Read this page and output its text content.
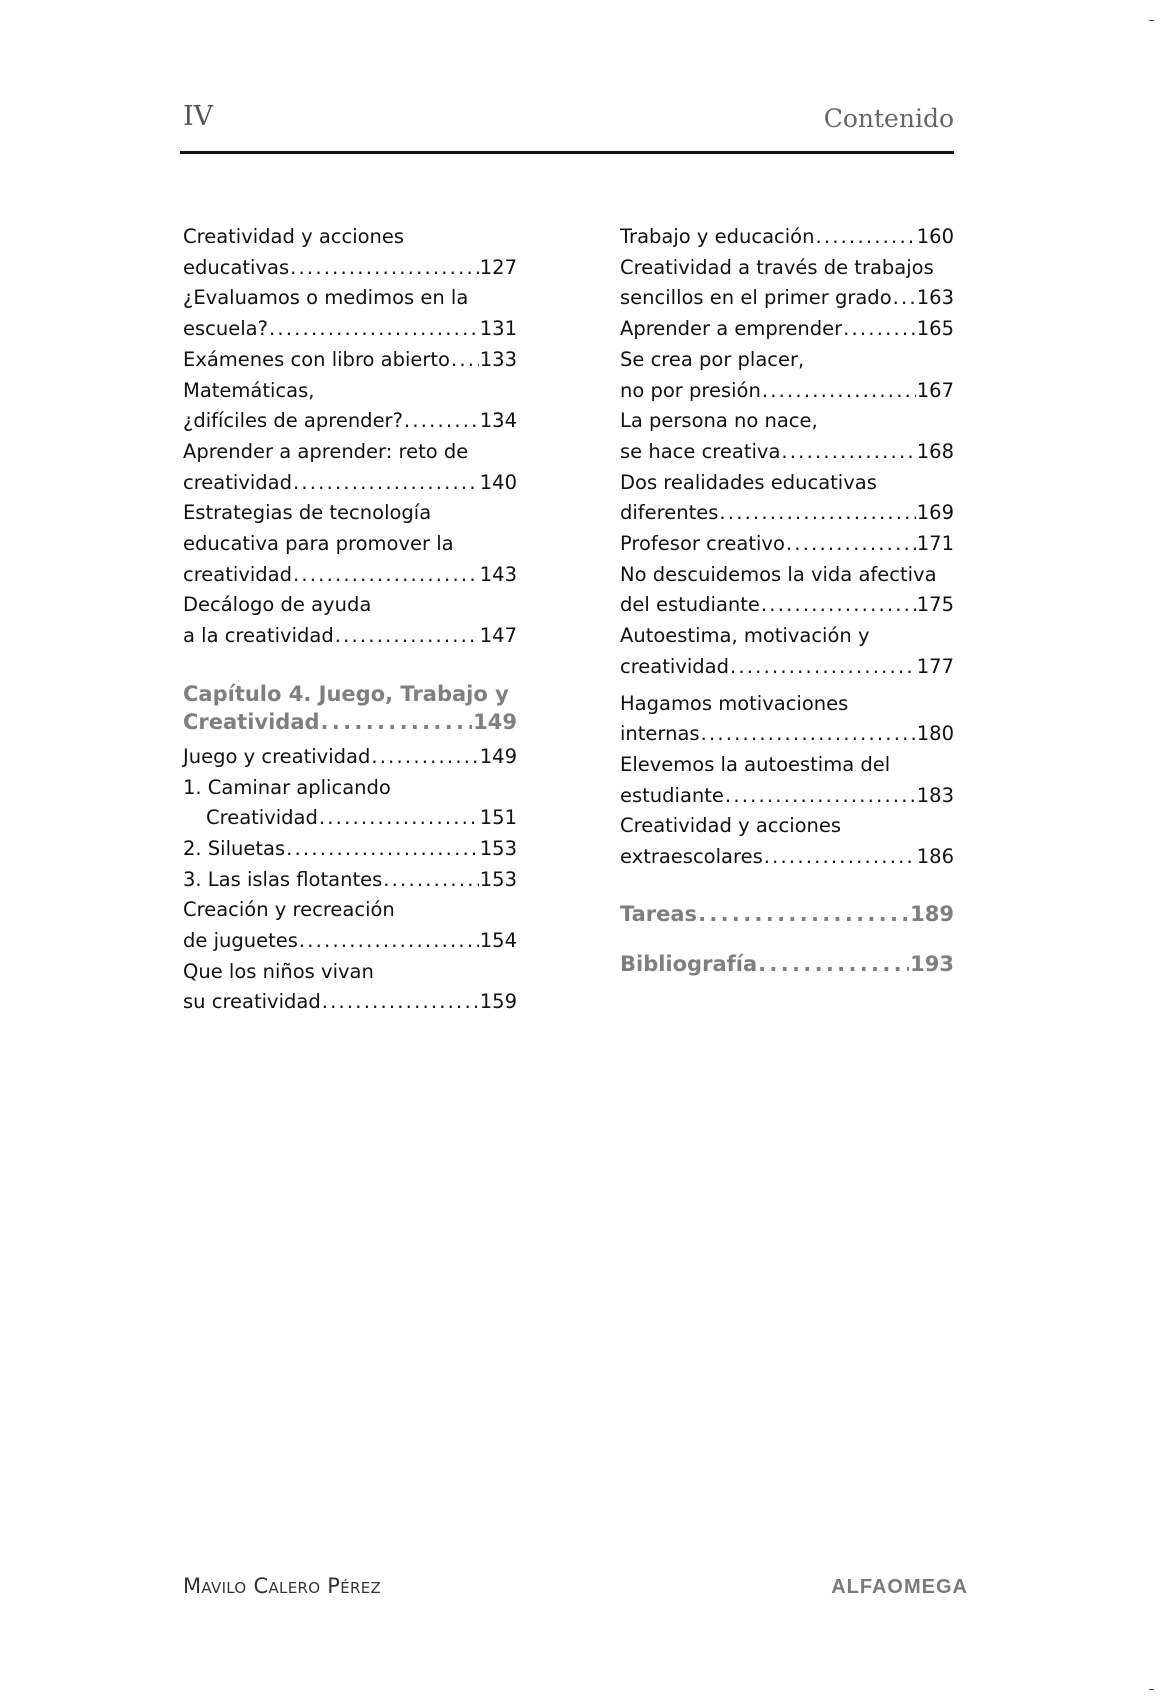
IV	Contenido
Creatividad y acciones
educativas . . .	127
¿Evaluamos o medimos en la
escuela? . . .	131
Exámenes con libro abierto . . . 133
Matemáticas,
¿difíciles de aprender? . . .	134
Aprender a aprender: reto de
creatividad . . .	140
Estrategias de tecnología
educativa para promover la
creatividad . . .	143
Decálogo de ayuda
a la creatividad . . .	147
Capítulo 4. Juego, Trabajo y
Creatividad . . .	149
Juego y creatividad . . .	149
1. Caminar aplicando
Creatividad . . .	151
2. Siluetas . . .	153
3. Las islas flotantes . . .	153
Creación y recreación
de juguetes . . .	154
Que los niños vivan
su creatividad . . .	159
Trabajo y educación . . .	160
Creatividad a través de trabajos
sencillos en el primer grado . . . 163
Aprender a emprender . . .	165
Se crea por placer,
no por presión . . .	167
La persona no nace,
se hace creativa . . .	168
Dos realidades educativas
diferentes . . .	169
Profesor creativo . . .	171
No descuidemos la vida afectiva
del estudiante . . .	175
Autoestima, motivación y
creatividad . . .	177
Hagamos motivaciones
internas . . .	180
Elevemos la autoestima del
estudiante . . .	183
Creatividad y acciones
extraescolares . . .	186
Tareas . . .	189
Bibliografía . . .	193
Mavilo Calero Pérez	ALFAOMEGA
